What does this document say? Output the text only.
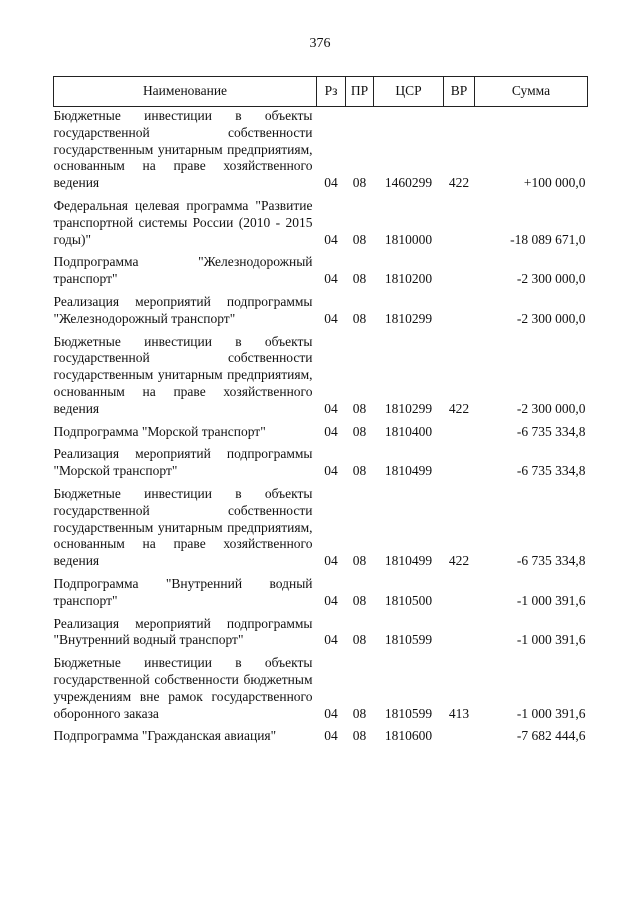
376
Наименование	Рз	ПР	ЦСР	ВР	Сумма
Бюджетные инвестиции в объекты государственной собственности государственным унитарным предприятиям, основанным на праве хозяйственного ведения	04	08	1460299	422	+100 000,0
Федеральная целевая программа "Развитие транспортной системы России (2010 - 2015 годы)"	04	08	1810000		-18 089 671,0
Подпрограмма "Железнодорожный транспорт"	04	08	1810200		-2 300 000,0
Реализация мероприятий подпрограммы "Железнодорожный транспорт"	04	08	1810299		-2 300 000,0
Бюджетные инвестиции в объекты государственной собственности государственным унитарным предприятиям, основанным на праве хозяйственного ведения	04	08	1810299	422	-2 300 000,0
Подпрограмма "Морской транспорт"	04	08	1810400		-6 735 334,8
Реализация мероприятий подпрограммы "Морской транспорт"	04	08	1810499		-6 735 334,8
Бюджетные инвестиции в объекты государственной собственности государственным унитарным предприятиям, основанным на праве хозяйственного ведения	04	08	1810499	422	-6 735 334,8
Подпрограмма "Внутренний водный транспорт"	04	08	1810500		-1 000 391,6
Реализация мероприятий подпрограммы "Внутренний водный транспорт"	04	08	1810599		-1 000 391,6
Бюджетные инвестиции в объекты государственной собственности бюджетным учреждениям вне рамок государственного оборонного заказа	04	08	1810599	413	-1 000 391,6
Подпрограмма "Гражданская авиация"	04	08	1810600		-7 682 444,6
